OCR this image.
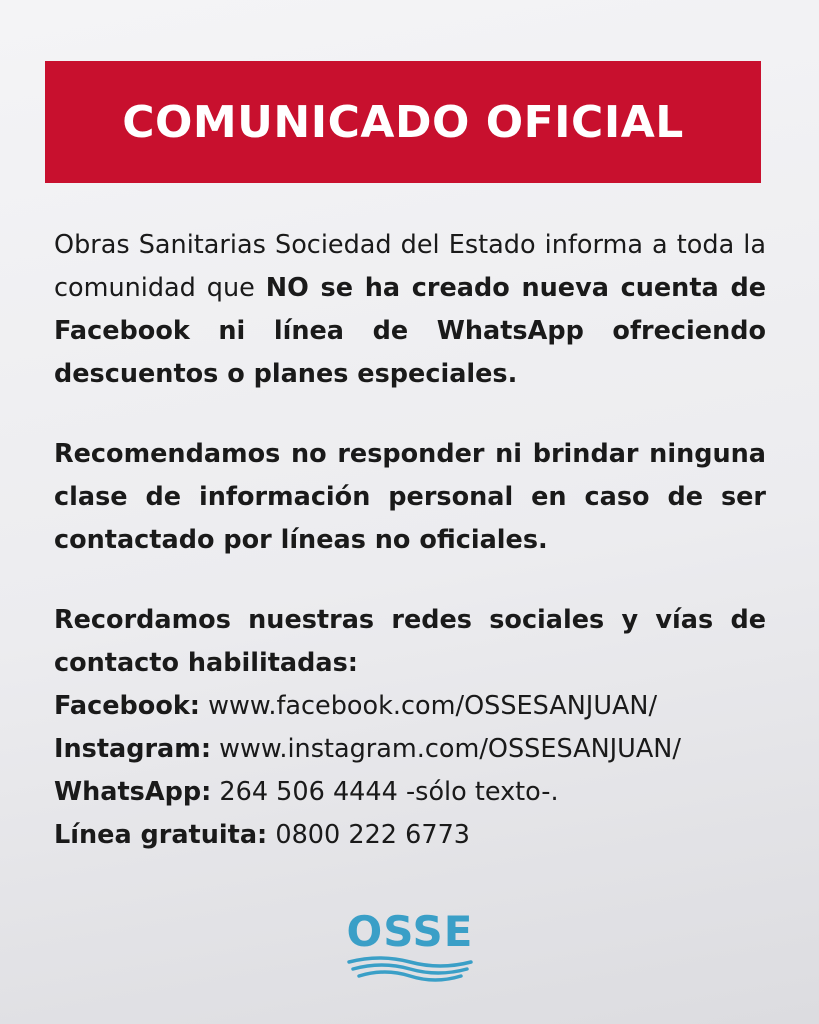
COMUNICADO OFICIAL

Obras Sanitarias Sociedad del Estado informa a toda la comunidad que NO se ha creado nueva cuenta de Facebook ni línea de WhatsApp ofreciendo descuentos o planes especiales.

Recomendamos no responder ni brindar ninguna clase de información personal en caso de ser contactado por líneas no oficiales.

Recordamos nuestras redes sociales y vías de contacto habilitadas:

Facebook: www.facebook.com/OSSESANJUAN/

Instagram: www.instagram.com/OSSESANJUAN/

WhatsApp: 264 506 4444 -sólo texto-.

Línea gratuita: 0800 222 6773

OSSE
